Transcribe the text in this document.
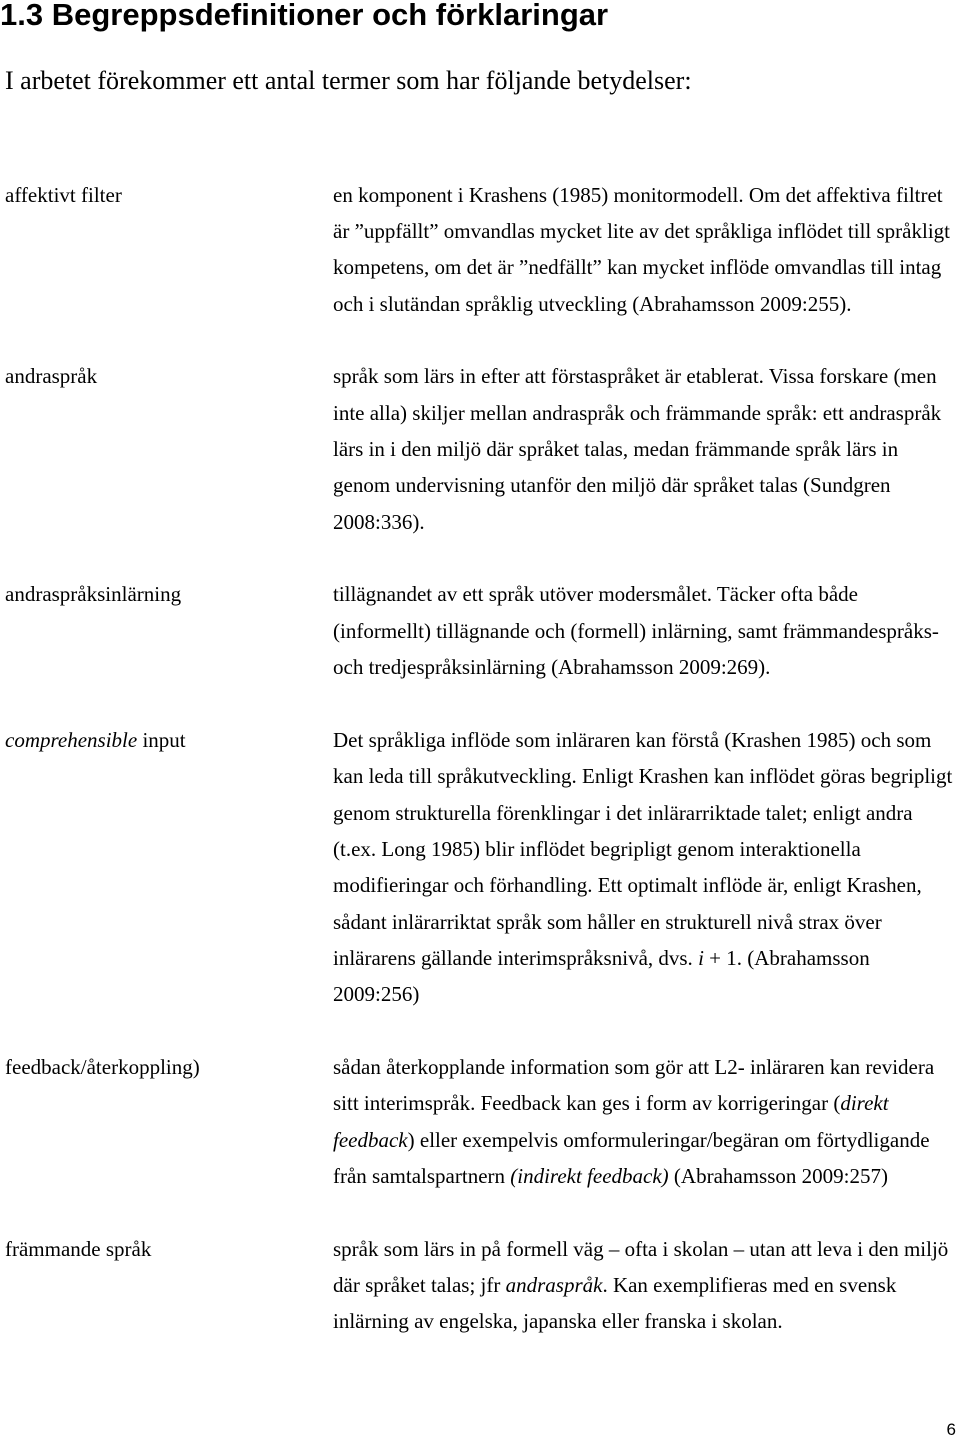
1.3 Begreppsdefinitioner och förklaringar

I arbetet förekommer ett antal termer som har följande betydelser:

affektivt filter	en komponent i Krashens (1985) monitormodell. Om det affektiva filtret
är ”uppfällt” omvandlas mycket lite av det språkliga inflödet till språkligt
kompetens, om det är ”nedfällt” kan mycket inflöde omvandlas till intag
och i slutändan språklig utveckling (Abrahamsson 2009:255).
andraspråk	språk som lärs in efter att förstaspråket är etablerat. Vissa forskare (men
inte alla) skiljer mellan andraspråk och främmande språk: ett andraspråk
lärs in i den miljö där språket talas, medan främmande språk lärs in
genom undervisning utanför den miljö där språket talas (Sundgren
2008:336).
andraspråksinlärning	tillägnandet av ett språk utöver modersmålet. Täcker ofta både
(informellt) tillägnande och (formell) inlärning, samt främmandespråks-
och tredjespråksinlärning (Abrahamsson 2009:269).
comprehensible input	Det språkliga inflöde som inläraren kan förstå (Krashen 1985) och som
kan leda till språkutveckling. Enligt Krashen kan inflödet göras begripligt
genom strukturella förenklingar i det inlärarriktade talet; enligt andra
(t.ex. Long 1985) blir inflödet begripligt genom interaktionella
modifieringar och förhandling. Ett optimalt inflöde är, enligt Krashen,
sådant inlärarriktat språk som håller en strukturell nivå strax över
inlärarens gällande interimspråksnivå, dvs. i + 1. (Abrahamsson
2009:256)
feedback/återkoppling)	sådan återkopplande information som gör att L2- inläraren kan revidera
sitt interimspråk. Feedback kan ges i form av korrigeringar (direkt
feedback) eller exempelvis omformuleringar/begäran om förtydligande
från samtalspartnern (indirekt feedback) (Abrahamsson 2009:257)
främmande språk	språk som lärs in på formell väg – ofta i skolan – utan att leva i den miljö
där språket talas; jfr andraspråk. Kan exemplifieras med en svensk
inlärning av engelska, japanska eller franska i skolan.
6
